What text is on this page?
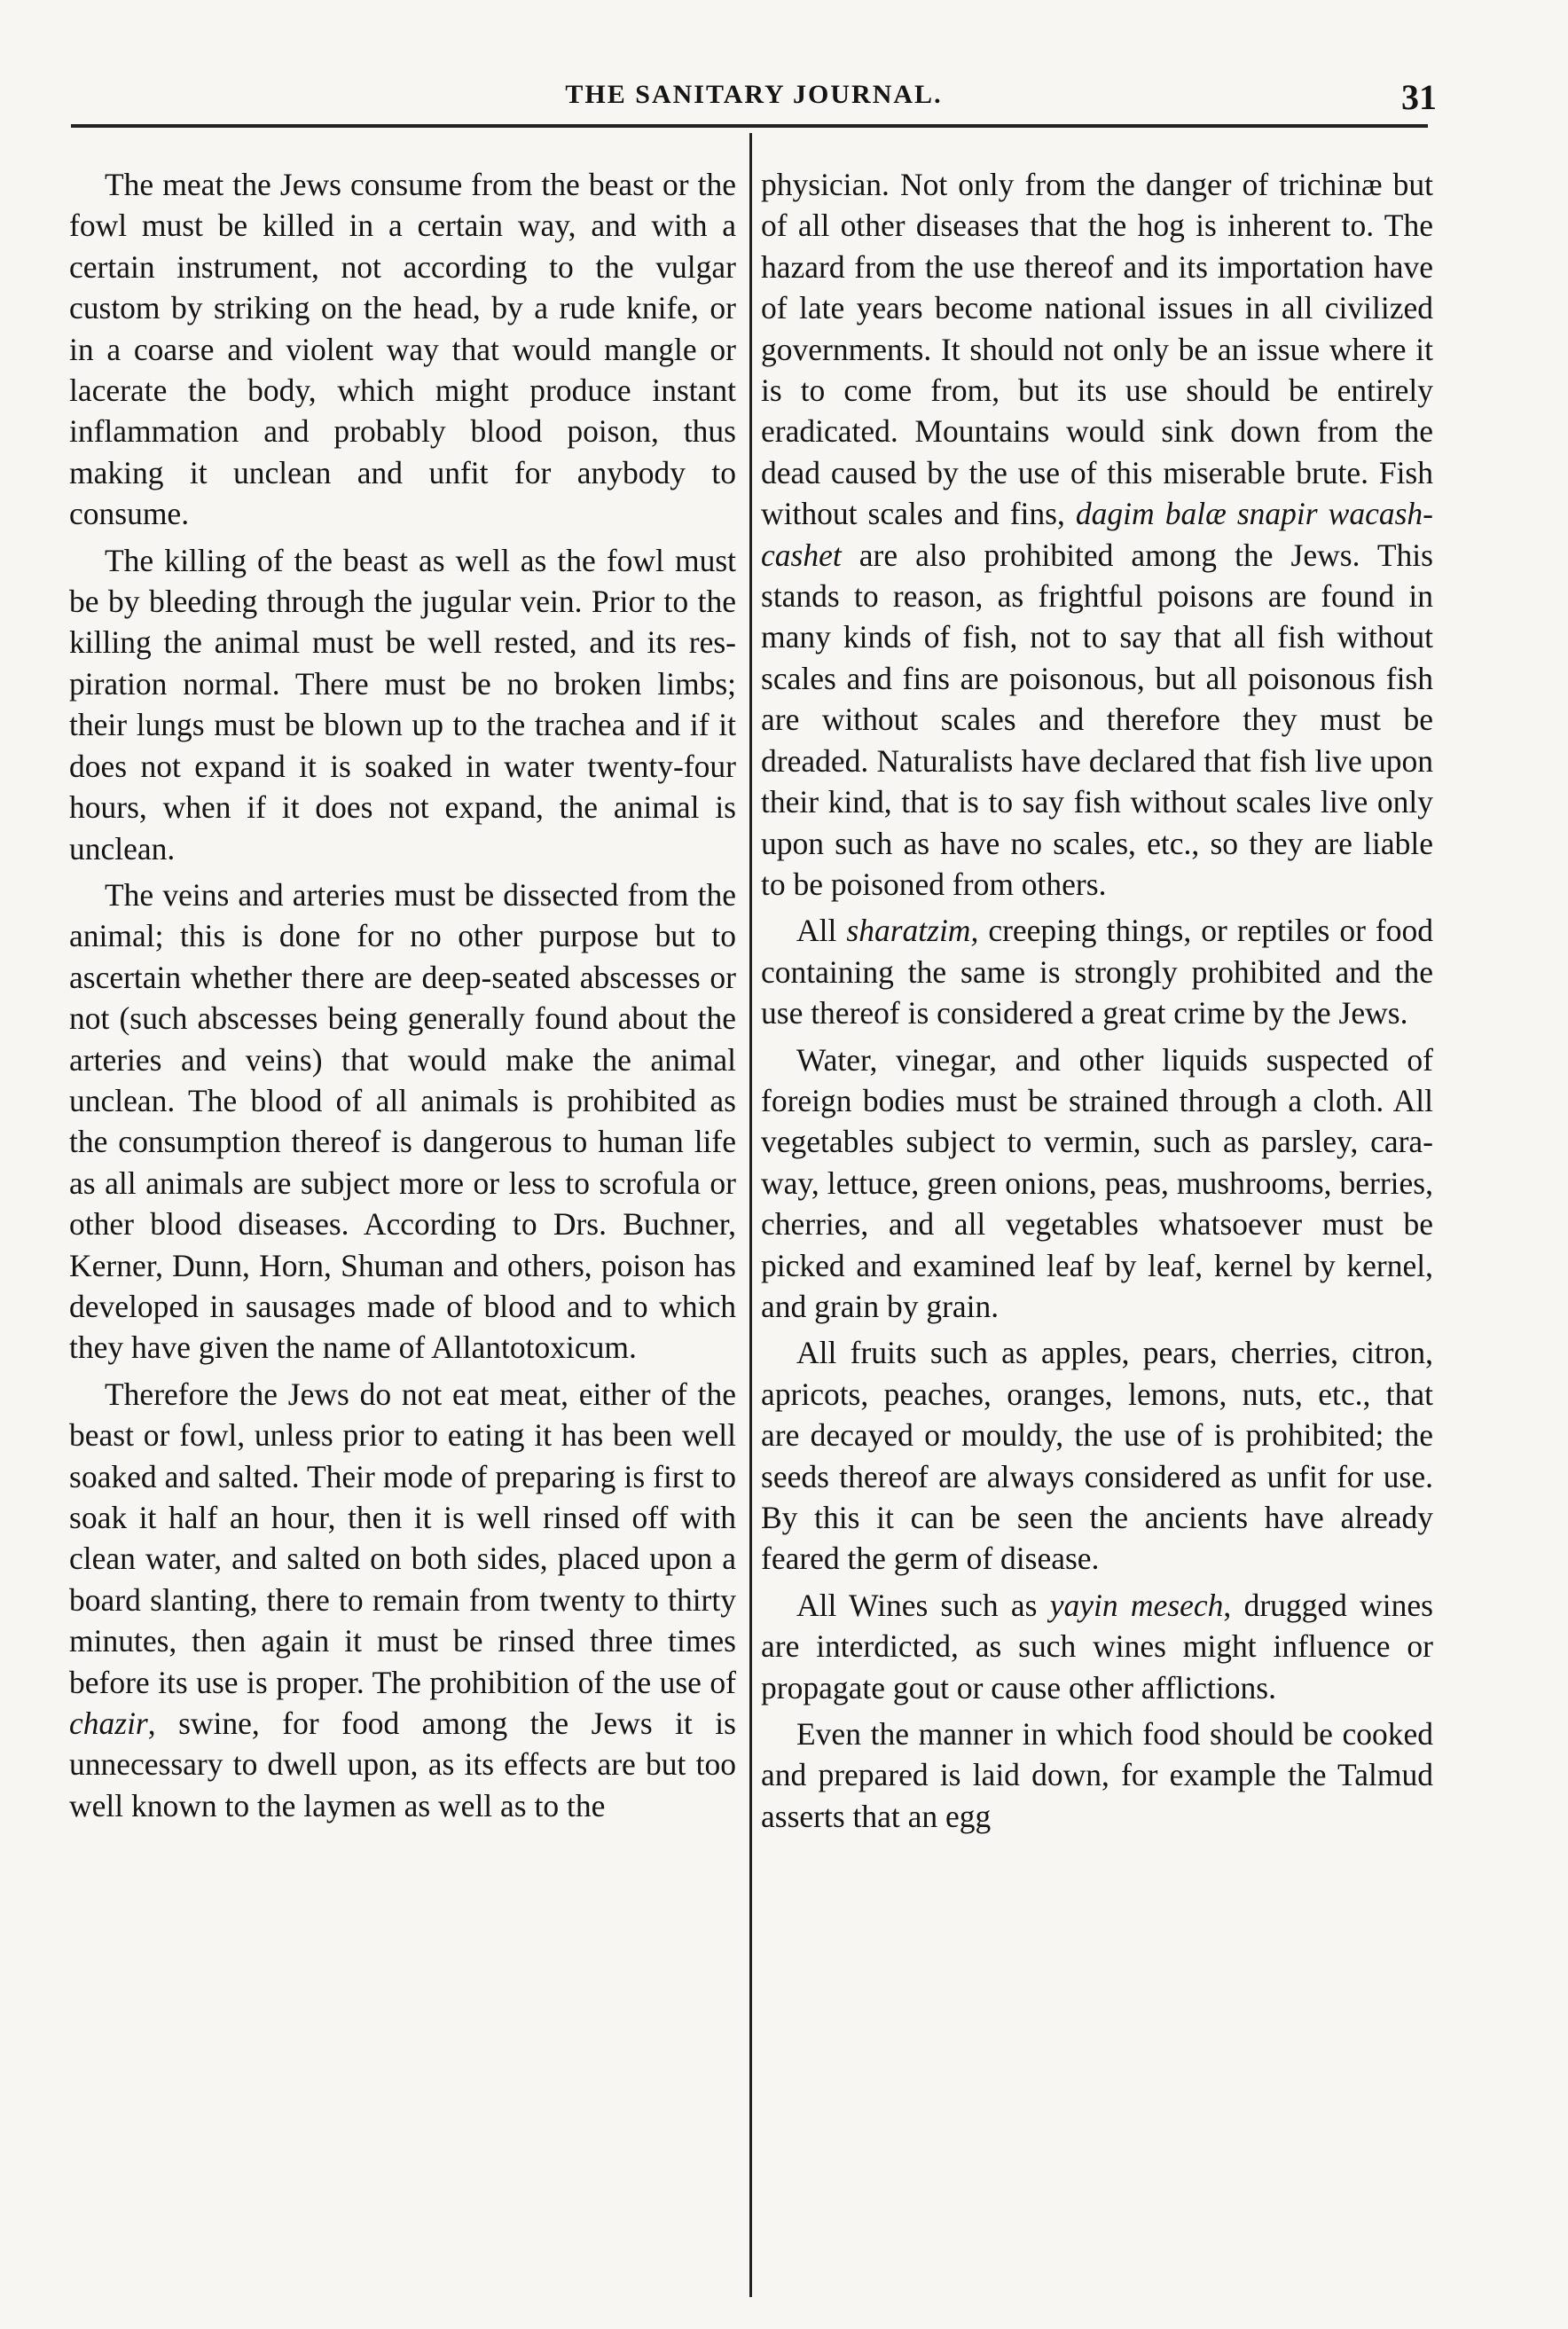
THE SANITARY JOURNAL.	31

The meat the Jews consume from the beast or the fowl must be killed in a certain way, and with a certain instrument, not according to the vulgar custom by striking on the head, by a rude knife, or in a coarse and violent way that would mangle or lacerate the body, which might produce instant inflammation and probably blood poison, thus making it unclean and unfit for anybody to consume.

The killing of the beast as well as the fowl must be by bleeding through the jugular vein. Prior to the killing the animal must be well rested, and its respiration normal. There must be no broken limbs; their lungs must be blown up to the trachea and if it does not expand it is soaked in water twenty-four hours, when if it does not expand, the animal is unclean.

The veins and arteries must be dissected from the animal; this is done for no other purpose but to ascertain whether there are deep-seated abscesses or not (such abscesses being generally found about the arteries and veins) that would make the animal unclean. The blood of all animals is prohibited as the consumption thereof is dangerous to human life as all animals are subject more or less to scrofula or other blood diseases. According to Drs. Buchner, Kerner, Dunn, Horn, Shuman and others, poison has developed in sausages made of blood and to which they have given the name of Allantotoxicum.

Therefore the Jews do not eat meat, either of the beast or fowl, unless prior to eating it has been well soaked and salted. Their mode of preparing is first to soak it half an hour, then it is well rinsed off with clean water, and salted on both sides, placed upon a board slanting, there to remain from twenty to thirty minutes, then again it must be rinsed three times before its use is proper. The prohibition of the use of chazir, swine, for food among the Jews it is unnecessary to dwell upon, as its effects are but too well known to the laymen as well as to the

physician. Not only from the danger of trichinæ but of all other diseases that the hog is inherent to. The hazard from the use thereof and its importation have of late years become national issues in all civilized governments. It should not only be an issue where it is to come from, but its use should be entirely eradicated. Mountains would sink down from the dead caused by the use of this miserable brute. Fish without scales and fins, dagim balæ snapir wacash-cashet are also prohibited among the Jews. This stands to reason, as frightful poisons are found in many kinds of fish, not to say that all fish without scales and fins are poisonous, but all poisonous fish are without scales and therefore they must be dreaded. Naturalists have declared that fish live upon their kind, that is to say fish without scales live only upon such as have no scales, etc., so they are liable to be poisoned from others.

All sharatzim, creeping things, or reptiles or food containing the same is strongly prohibited and the use thereof is considered a great crime by the Jews.

Water, vinegar, and other liquids suspected of foreign bodies must be strained through a cloth. All vegetables subject to vermin, such as parsley, caraway, lettuce, green onions, peas, mushrooms, berries, cherries, and all vegetables whatsoever must be picked and examined leaf by leaf, kernel by kernel, and grain by grain.

All fruits such as apples, pears, cherries, citron, apricots, peaches, oranges, lemons, nuts, etc., that are decayed or mouldy, the use of is prohibited; the seeds thereof are always considered as unfit for use. By this it can be seen the ancients have already feared the germ of disease.

All Wines such as yayin mesech, drugged wines are interdicted, as such wines might influence or propagate gout or cause other afflictions.

Even the manner in which food should be cooked and prepared is laid down, for example the Talmud asserts that an egg
